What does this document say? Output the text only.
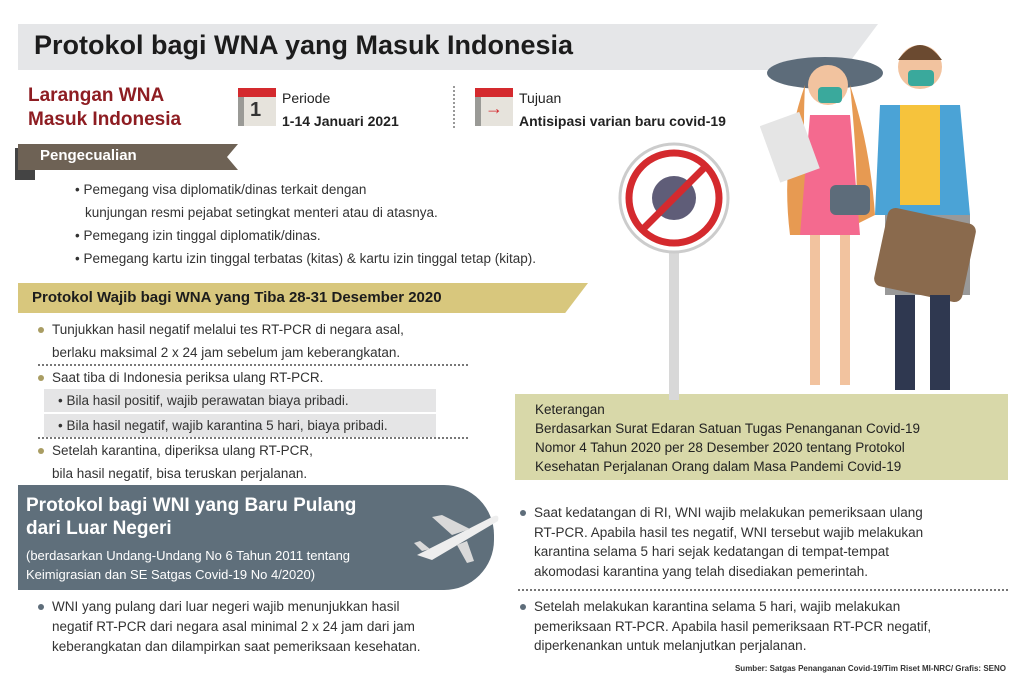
Protokol bagi WNA yang Masuk Indonesia
Larangan WNA
Masuk Indonesia	1
Periode
1-14 Januari 2021
→ Tujuan
Antisipasi varian baru covid-19
Pengecualian
• Pemegang visa diplomatik/dinas terkait dengan
kunjungan resmi pejabat setingkat menteri atau di atasnya.
• Pemegang izin tinggal diplomatik/dinas.
• Pemegang kartu izin tinggal terbatas (kitas) & kartu izin tinggal tetap (kitap).
Protokol Wajib bagi WNA yang Tiba 28-31 Desember 2020
Tunjukkan hasil negatif melalui tes RT-PCR di negara asal,
berlaku maksimal 2 x 24 jam sebelum jam keberangkatan.
Saat tiba di Indonesia periksa ulang RT-PCR.
• Bila hasil positif, wajib perawatan biaya pribadi.
• Bila hasil negatif, wajib karantina 5 hari, biaya pribadi.
Setelah karantina, diperiksa ulang RT-PCR,
bila hasil negatif, bisa teruskan perjalanan.
Protokol bagi WNI yang Baru Pulang
dari Luar Negeri
(berdasarkan Undang-Undang No 6 Tahun 2011 tentang
Keimigrasian dan SE Satgas Covid-19 No 4/2020)
WNI yang pulang dari luar negeri wajib menunjukkan hasil
negatif RT-PCR dari negara asal minimal 2 x 24 jam dari jam
keberangkatan dan dilampirkan saat pemeriksaan kesehatan.
Keterangan
Berdasarkan Surat Edaran Satuan Tugas Penanganan Covid-19
Nomor 4 Tahun 2020 per 28 Desember 2020 tentang Protokol
Kesehatan Perjalanan Orang dalam Masa Pandemi Covid-19
Saat kedatangan di RI, WNI wajib melakukan pemeriksaan ulang
RT-PCR. Apabila hasil tes negatif, WNI tersebut wajib melakukan
karantina selama 5 hari sejak kedatangan di tempat-tempat
akomodasi karantina yang telah disediakan pemerintah.
Setelah melakukan karantina selama 5 hari, wajib melakukan
pemeriksaan RT-PCR. Apabila hasil pemeriksaan RT-PCR negatif,
diperkenankan untuk melanjutkan perjalanan.
Sumber: Satgas Penanganan Covid-19/Tim Riset MI-NRC/ Grafis: SENO
